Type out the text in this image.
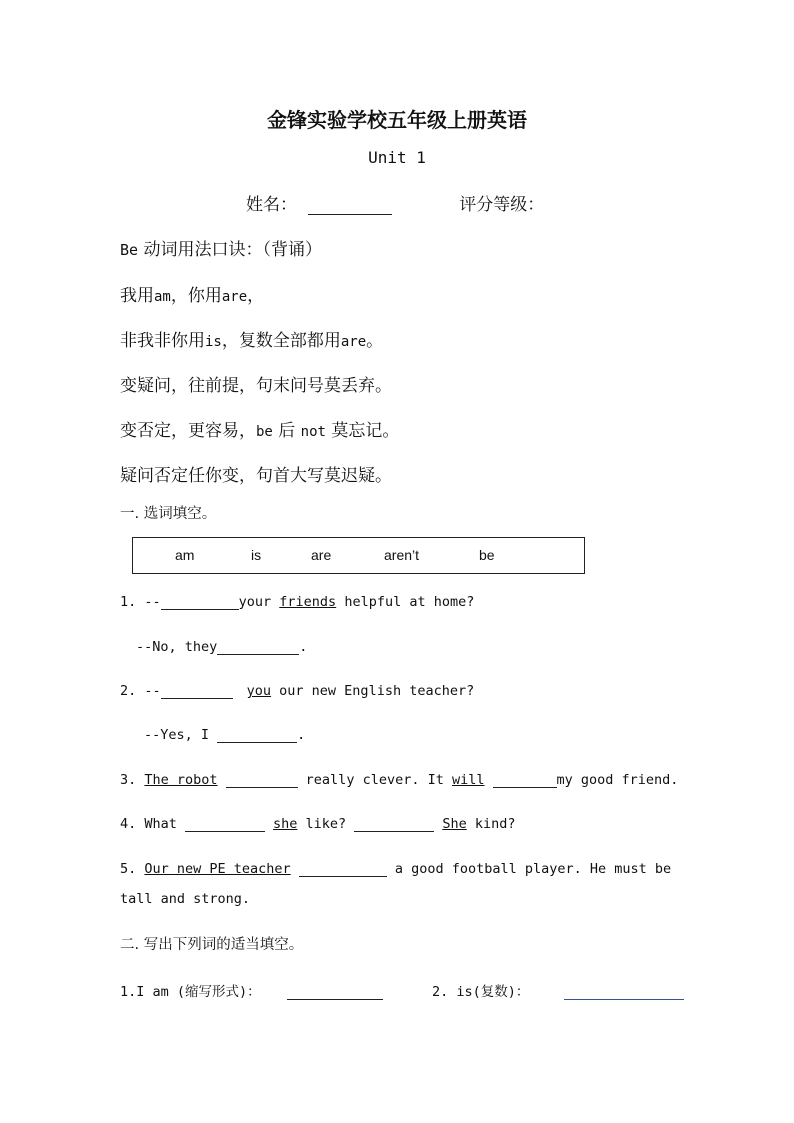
金锋实验学校五年级上册英语
Unit 1
姓名：	评分等级：
Be 动词用法口诀：（背诵）
我用am，你用are，
非我非你用is，复数全部都用are。
变疑问，往前提，句末问号莫丢弃。
变否定，更容易，be 后 not 莫忘记。
疑问否定任你变，句首大写莫迟疑。
一. 选词填空。
am	is	are	aren’t	be
1. --	your friends helpful at home?
--No, they	.
2. --	you our new English teacher?
--Yes, I	.
3. The robot	really clever. It will	my good friend.
4. What	she like?	She kind?
5. Our new PE teacher	a good football player. He must be
tall and strong.
二. 写出下列词的适当填空。
1.I am (缩写形式)：	2. is(复数)：
